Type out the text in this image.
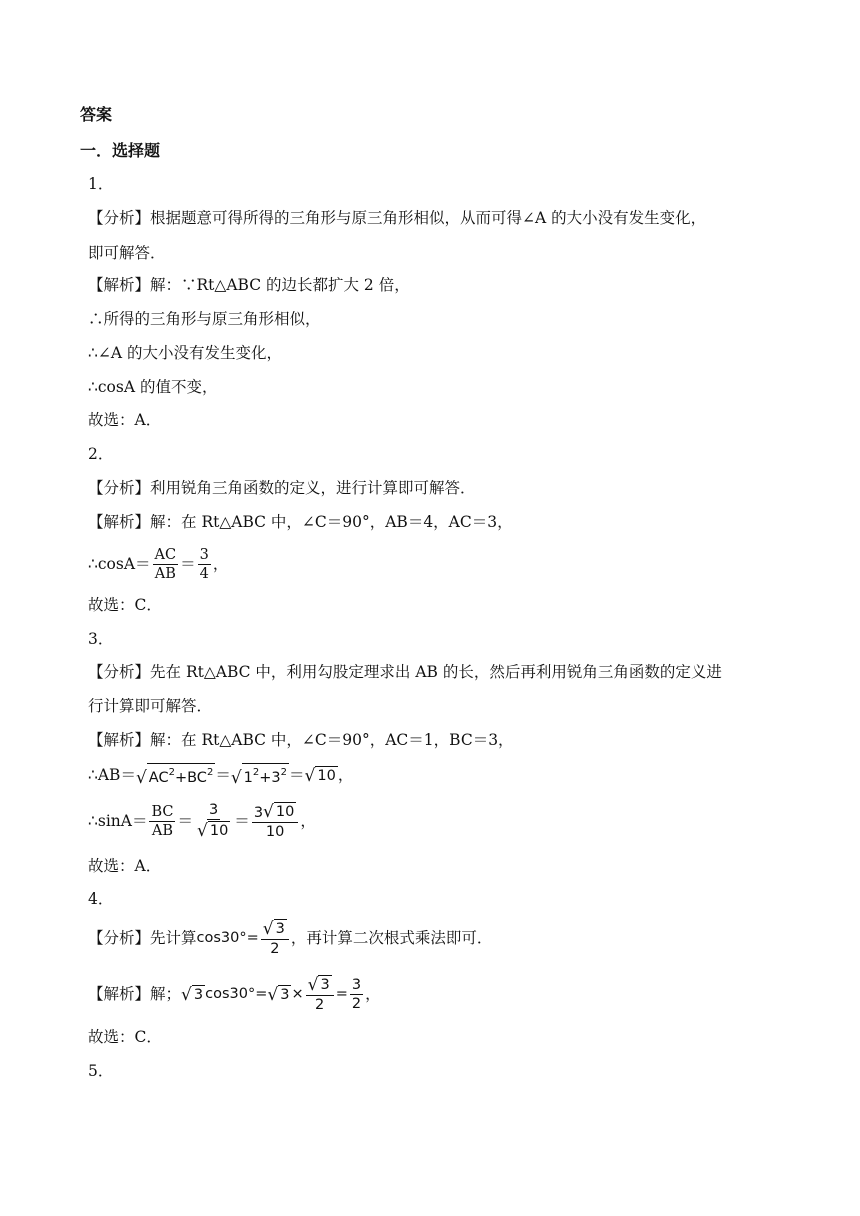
答案
一．选择题
1．
【分析】根据题意可得所得的三角形与原三角形相似，从而可得∠A 的大小没有发生变化，
即可解答．
【解析】解：∵Rt△ABC 的边长都扩大 2 倍，
∴所得的三角形与原三角形相似，
∴∠A 的大小没有发生变化，
∴cosA 的值不变，
故选：A．
2．
【分析】利用锐角三角函数的定义，进行计算即可解答．
【解析】解：在 Rt△ABC 中，∠C＝90°，AB＝4，AC＝3，
∴cosA＝ $\frac{AC}{AB} = \frac{3}{4}$ ，
故选：C．
3．
【分析】先在 Rt△ABC 中，利用勾股定理求出 AB 的长，然后再利用锐角三角函数的定义进
行计算即可解答．
【解析】解：在 Rt△ABC 中，∠C＝90°，AC＝1，BC＝3，
∴AB＝ √ $AC^2+BC^2$ ＝ √ $1^2+3^2$ ＝ √ 10 ，
∴sinA＝ $\frac{BC}{AB} = \frac{3}{√ 10} = \frac{3 √ 10}{10}$ ，
故选：A．
4．
【分析】 先计算 $\cos 30^\circ = \frac{√ 3}{2}$ ，再计算二次根式乘法即可．
【解析】 解； √ 3 cos30° = √ $3 \times \frac{√ 3}{2} = \frac{3}{2}$ ，
故选：C．
5．
